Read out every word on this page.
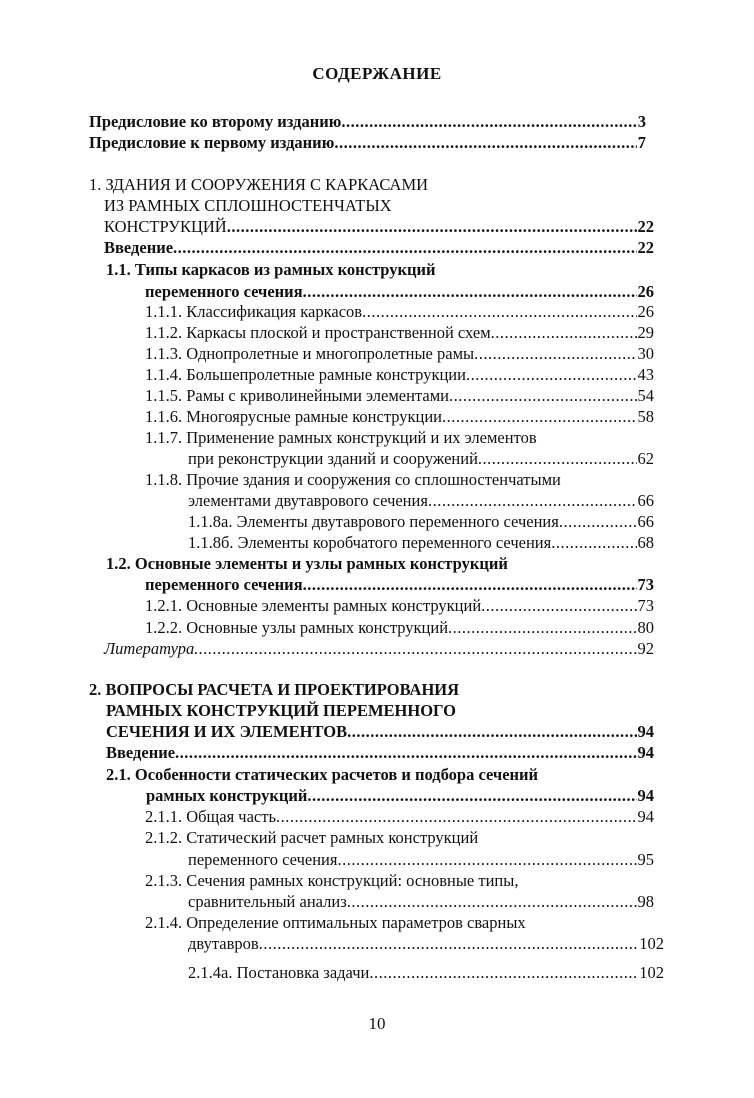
СОДЕРЖАНИЕ
Предисловие ко второму изданию	3
.....
Предисловие к первому изданию	7
.....
1. ЗДАНИЯ И СООРУЖЕНИЯ С КАРКАСАМИ
ИЗ РАМНЫХ СПЛОШНОСТЕНЧАТЫХ
КОНСТРУКЦИЙ	22
.....
Введение	22
.....
1.1. Типы каркасов из рамных конструкций
переменного сечения	26
.....
1.1.1. Классификация каркасов	26
.....
1.1.2. Каркасы плоской и пространственной схем	29
.....
1.1.3. Однопролетные и многопролетные рамы	30
.....
1.1.4. Большепролетные рамные конструкции	43
.....
1.1.5. Рамы с криволинейными элементами	54
.....
1.1.6. Многоярусные рамные конструкции	58
.....
1.1.7. Применение рамных конструкций и их элементов
при реконструкции зданий и сооружений	62
.....
1.1.8. Прочие здания и сооружения со сплошностенчатыми
элементами двутаврового сечения	66
.....
1.1.8а. Элементы двутаврового переменного сечения	66
.....
1.1.8б. Элементы коробчатого переменного сечения	68
.....
1.2. Основные элементы и узлы рамных конструкций
переменного сечения	73
.....
1.2.1. Основные элементы рамных конструкций	73
.....
1.2.2. Основные узлы рамных конструкций	80
.....
Литература	92
.....
2. ВОПРОСЫ РАСЧЕТА И ПРОЕКТИРОВАНИЯ
РАМНЫХ КОНСТРУКЦИЙ ПЕРЕМЕННОГО
СЕЧЕНИЯ И ИХ ЭЛЕМЕНТОВ	94
.....
Введение	94
.....
2.1. Особенности статических расчетов и подбора сечений
рамных конструкций	94
.....
2.1.1. Общая часть	94
.....
2.1.2. Статический расчет рамных конструкций
переменного сечения	95
.....
2.1.3. Сечения рамных конструкций: основные типы,
сравнительный анализ	98
.....
2.1.4. Определение оптимальных параметров сварных
двутавров	102
.....
2.1.4а. Постановка задачи	102
.....
10
